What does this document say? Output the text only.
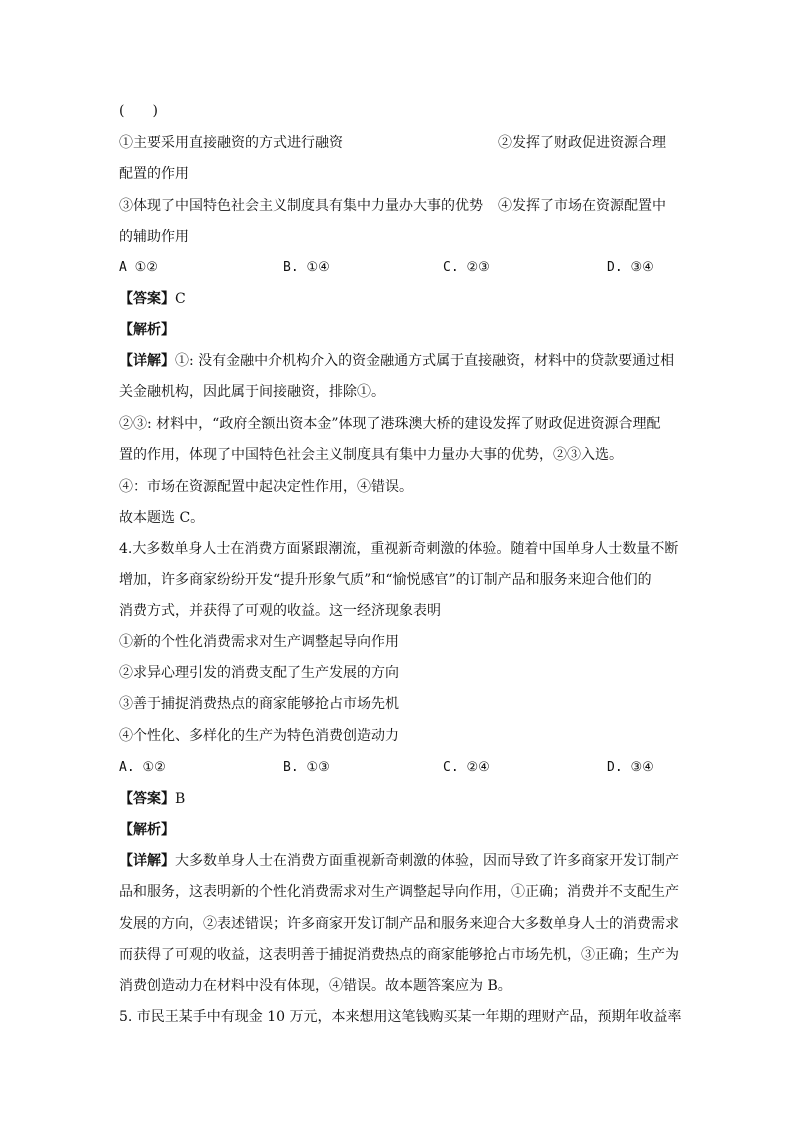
(　　)
①主要采用直接融资的方式进行融资	②发挥了财政促进资源合理
配置的作用
③体现了中国特色社会主义制度具有集中力量办大事的优势 ④发挥了市场在资源配置中
的辅助作用
A ①②	B. ①④	C. ②③	D. ③④
【答案】C
【解析】
【详解】①: 没有金融中介机构介入的资金融通方式属于直接融资，材料中的贷款要通过相
关金融机构，因此属于间接融资，排除①。
②③: 材料中，“政府全额出资本金”体现了港珠澳大桥的建设发挥了财政促进资源合理配
置的作用，体现了中国特色社会主义制度具有集中力量办大事的优势，②③入选。
④：市场在资源配置中起决定性作用，④错误。
故本题选 C。
4.大多数单身人士在消费方面紧跟潮流，重视新奇刺激的体验。随着中国单身人士数量不断
增加，许多商家纷纷开发“提升形象气质”和“愉悦感官”的订制产品和服务来迎合他们的
消费方式，并获得了可观的收益。这一经济现象表明
①新的个性化消费需求对生产调整起导向作用
②求异心理引发的消费支配了生产发展的方向
③善于捕捉消费热点的商家能够抢占市场先机
④个性化、多样化的生产为特色消费创造动力
A. ①②	B. ①③	C. ②④	D. ③④
【答案】B
【解析】
【详解】大多数单身人士在消费方面重视新奇刺激的体验，因而导致了许多商家开发订制产
品和服务，这表明新的个性化消费需求对生产调整起导向作用，①正确；消费并不支配生产
发展的方向，②表述错误；许多商家开发订制产品和服务来迎合大多数单身人士的消费需求
而获得了可观的收益，这表明善于捕捉消费热点的商家能够抢占市场先机，③正确；生产为
消费创造动力在材料中没有体现，④错误。故本题答案应为 B。
5. 市民王某手中有现金 10 万元，本来想用这笔钱购买某一年期的理财产品，预期年收益率
